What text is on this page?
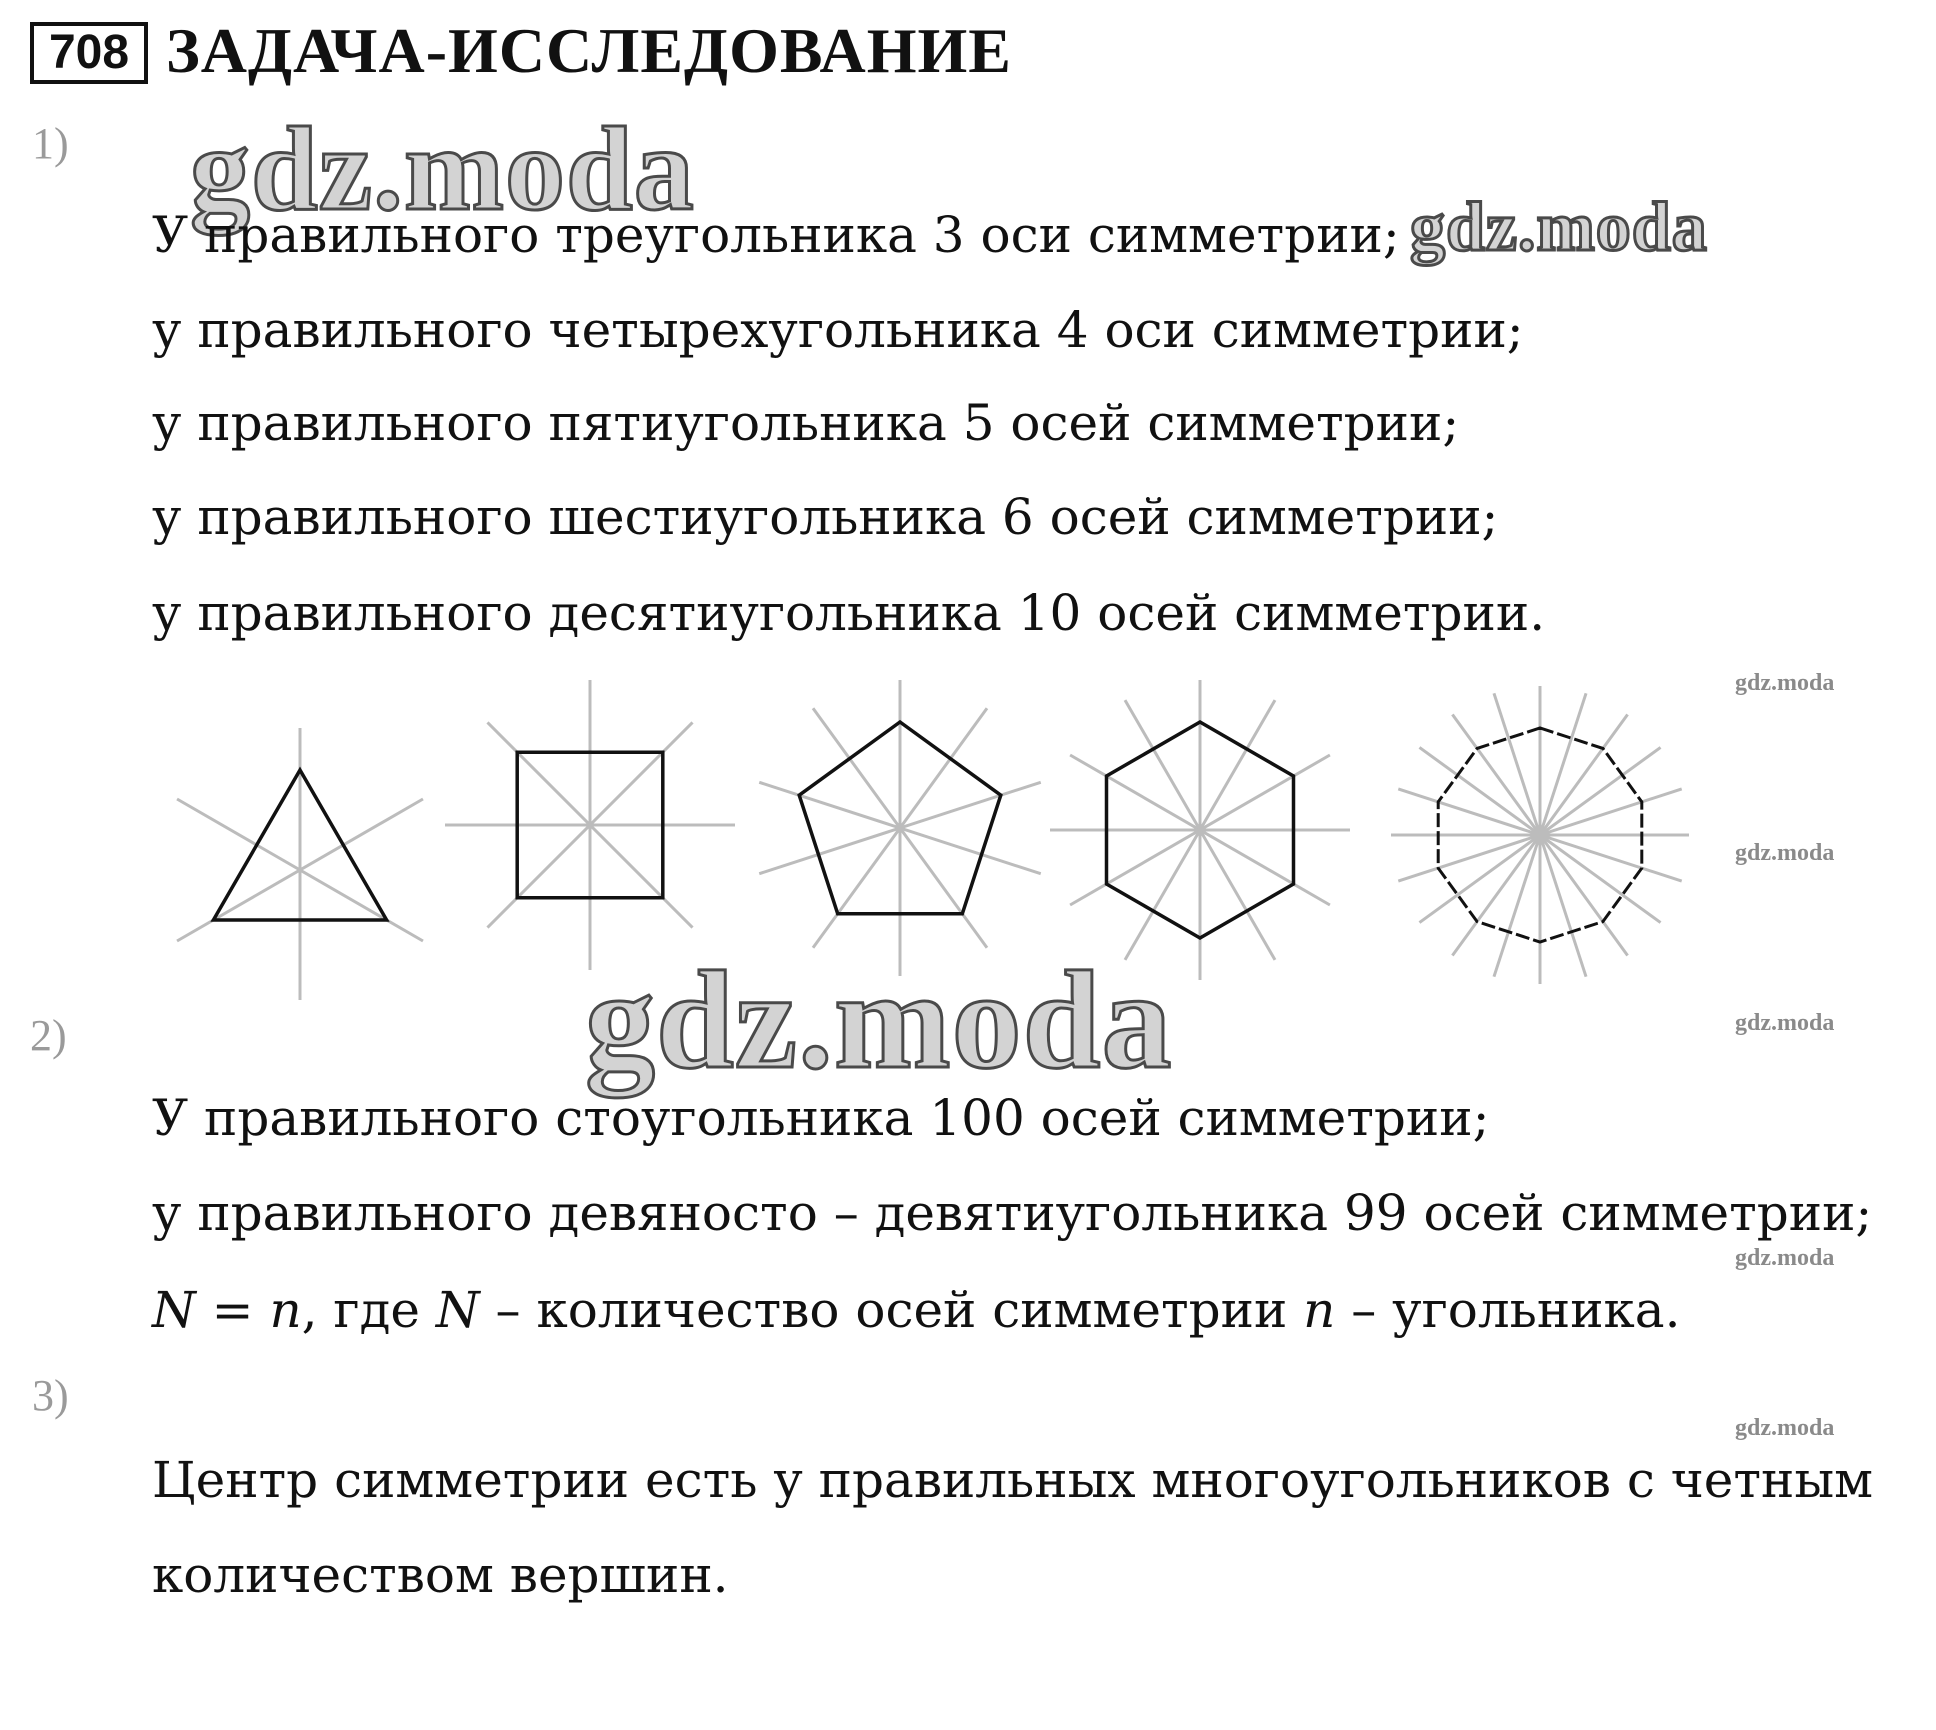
708 ЗАДАЧА-ИССЛЕДОВАНИЕ
gdz.moda	gdz.moda
gdz.moda
gdz.moda
gdz.moda
gdz.moda
gdz.moda
gdz.moda
1)
У правильного треугольника 3 оси симметрии;
у правильного четырехугольника 4 оси симметрии;
у правильного пятиугольника 5 осей симметрии;
у правильного шестиугольника 6 осей симметрии;
у правильного десятиугольника 10 осей симметрии.
2)
У правильного стоугольника 100 осей симметрии;
у правильного девяносто – девятиугольника 99 осей симметрии;
N = n, где N – количество осей симметрии n – угольника.
3)
Центр симметрии есть у правильных многоугольников с четным
количеством вершин.
